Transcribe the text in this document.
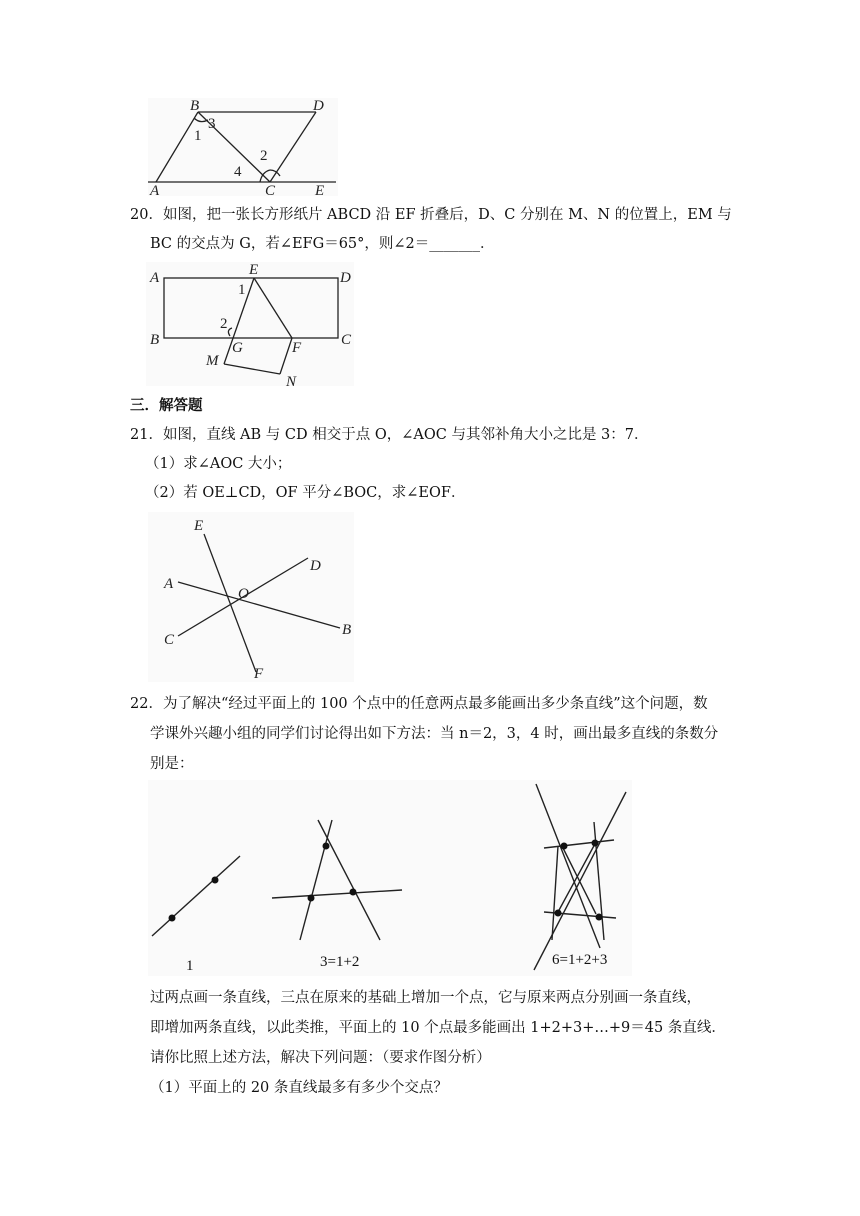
B	D
A	C	E
1
2
3
4
20．如图，把一张长方形纸片 ABCD 沿 EF 折叠后，D、C 分别在 M、N 的位置上，EM 与
BC 的交点为 G，若∠EFG＝65°，则∠2＝_______．
A	E	D
B	C
G	F
M
N
1
2
三．解答题
21．如图，直线 AB 与 CD 相交于点 O，∠AOC 与其邻补角大小之比是 3：7．
（1）求∠AOC 大小；
（2）若 OE⊥CD，OF 平分∠BOC，求∠EOF．
E
D
A
O
C
B
F
22．为了解决“经过平面上的 100 个点中的任意两点最多能画出多少条直线”这个问题，数
学课外兴趣小组的同学们讨论得出如下方法：当 n＝2，3，4 时，画出最多直线的条数分
别是：
1	3=1+2	6=1+2+3
过两点画一条直线，三点在原来的基础上增加一个点，它与原来两点分别画一条直线，
即增加两条直线，以此类推，平面上的 10 个点最多能画出 1+2+3+…+9＝45 条直线．
请你比照上述方法，解决下列问题：（要求作图分析）
（1）平面上的 20 条直线最多有多少个交点？
